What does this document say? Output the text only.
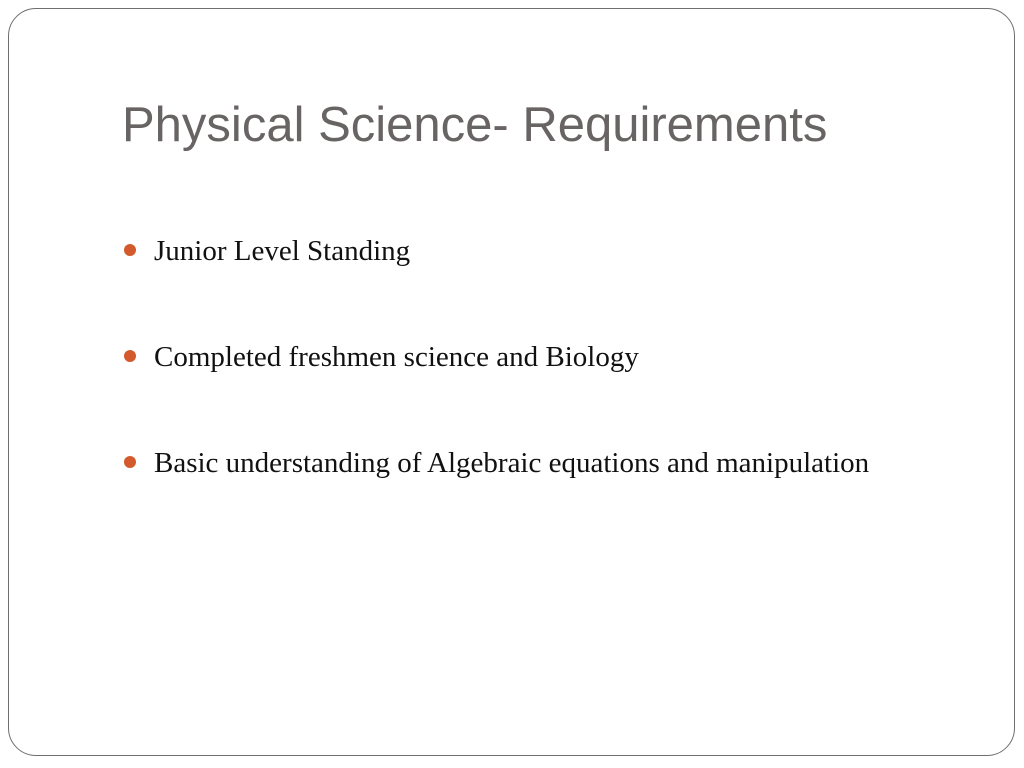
Physical Science- Requirements
Junior Level Standing
Completed freshmen science and Biology
Basic understanding of Algebraic equations and manipulation
